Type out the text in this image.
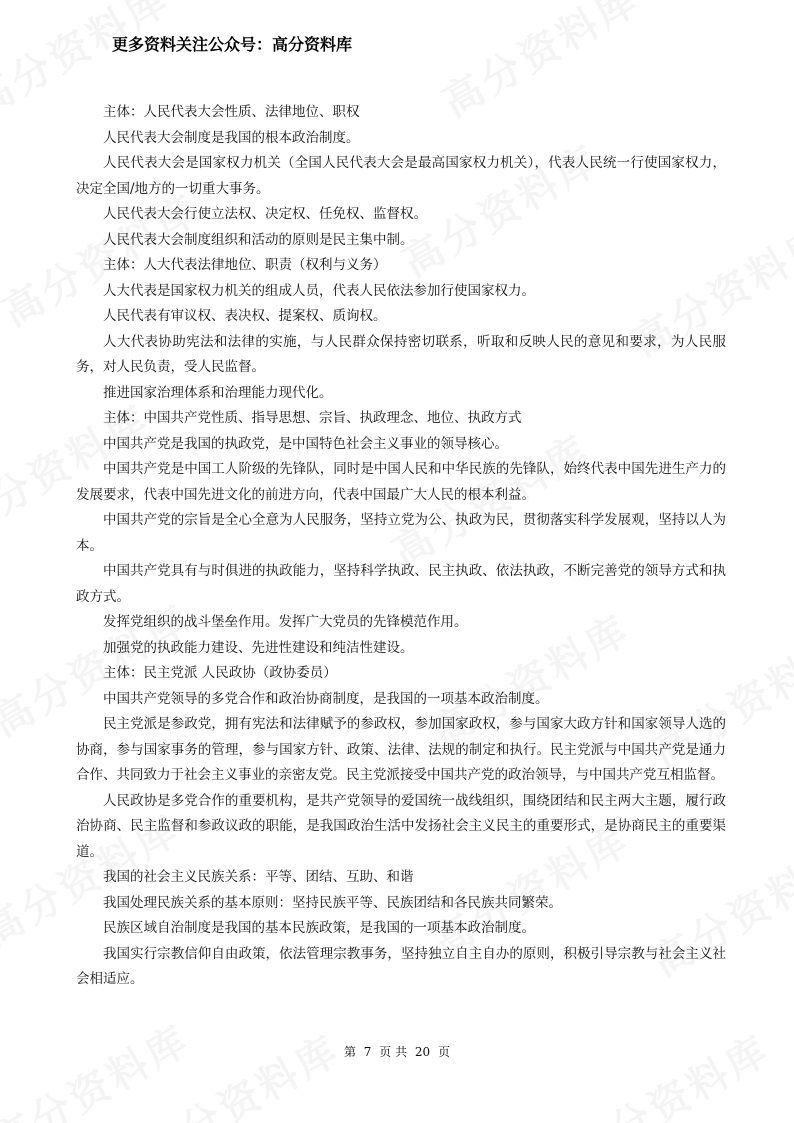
更多资料关注公众号：高分资料库

主体：人民代表大会性质、法律地位、职权

人民代表大会制度是我国的根本政治制度。

人民代表大会是国家权力机关（全国人民代表大会是最高国家权力机关），代表人民统一行使国家权力，决定全国/地方的一切重大事务。

人民代表大会行使立法权、决定权、任免权、监督权。

人民代表大会制度组织和活动的原则是民主集中制。

主体：人大代表法律地位、职责（权利与义务）

人大代表是国家权力机关的组成人员，代表人民依法参加行使国家权力。

人民代表有审议权、表决权、提案权、质询权。

人大代表协助宪法和法律的实施，与人民群众保持密切联系，听取和反映人民的意见和要求，为人民服务，对人民负责，受人民监督。

推进国家治理体系和治理能力现代化。

主体：中国共产党性质、指导思想、宗旨、执政理念、地位、执政方式

中国共产党是我国的执政党，是中国特色社会主义事业的领导核心。

中国共产党是中国工人阶级的先锋队，同时是中国人民和中华民族的先锋队，始终代表中国先进生产力的发展要求，代表中国先进文化的前进方向，代表中国最广大人民的根本利益。

中国共产党的宗旨是全心全意为人民服务，坚持立党为公、执政为民，贯彻落实科学发展观，坚持以人为本。

中国共产党具有与时俱进的执政能力，坚持科学执政、民主执政、依法执政，不断完善党的领导方式和执政方式。

发挥党组织的战斗堡垒作用。发挥广大党员的先锋模范作用。

加强党的执政能力建设、先进性建设和纯洁性建设。

主体：民主党派 人民政协（政协委员）

中国共产党领导的多党合作和政治协商制度，是我国的一项基本政治制度。

民主党派是参政党，拥有宪法和法律赋予的参政权，参加国家政权，参与国家大政方针和国家领导人选的协商，参与国家事务的管理，参与国家方针、政策、法律、法规的制定和执行。民主党派与中国共产党是通力合作、共同致力于社会主义事业的亲密友党。民主党派接受中国共产党的政治领导，与中国共产党互相监督。

人民政协是多党合作的重要机构，是共产党领导的爱国统一战线组织，围绕团结和民主两大主题，履行政治协商、民主监督和参政议政的职能，是我国政治生活中发扬社会主义民主的重要形式，是协商民主的重要渠道。

我国的社会主义民族关系：平等、团结、互助、和谐

我国处理民族关系的基本原则：坚持民族平等、民族团结和各民族共同繁荣。

民族区域自治制度是我国的基本民族政策，是我国的一项基本政治制度。

我国实行宗教信仰自由政策，依法管理宗教事务，坚持独立自主自办的原则，积极引导宗教与社会主义社会相适应。

第 7 页 共 20 页
